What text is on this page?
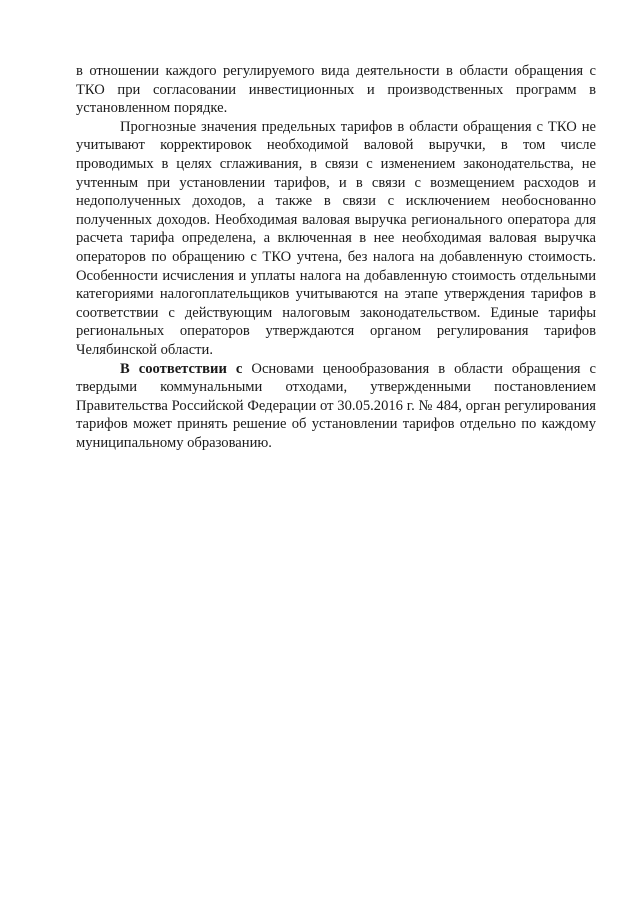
в отношении каждого регулируемого вида деятельности в области обращения с ТКО при согласовании инвестиционных и производственных программ в установленном порядке.

Прогнозные значения предельных тарифов в области обращения с ТКО не учитывают корректировок необходимой валовой выручки, в том числе проводимых в целях сглаживания, в связи с изменением законодательства, не учтенным при установлении тарифов, и в связи с возмещением расходов и недополученных доходов, а также в связи с исключением необоснованно полученных доходов. Необходимая валовая выручка регионального оператора для расчета тарифа определена, а включенная в нее необходимая валовая выручка операторов по обращению с ТКО учтена, без налога на добавленную стоимость. Особенности исчисления и уплаты налога на добавленную стоимость отдельными категориями налогоплательщиков учитываются на этапе утверждения тарифов в соответствии с действующим налоговым законодательством. Единые тарифы региональных операторов утверждаются органом регулирования тарифов Челябинской области.

В соответствии с Основами ценообразования в области обращения с твердыми коммунальными отходами, утвержденными постановлением Правительства Российской Федерации от 30.05.2016 г. № 484, орган регулирования тарифов может принять решение об установлении тарифов отдельно по каждому муниципальному образованию.
